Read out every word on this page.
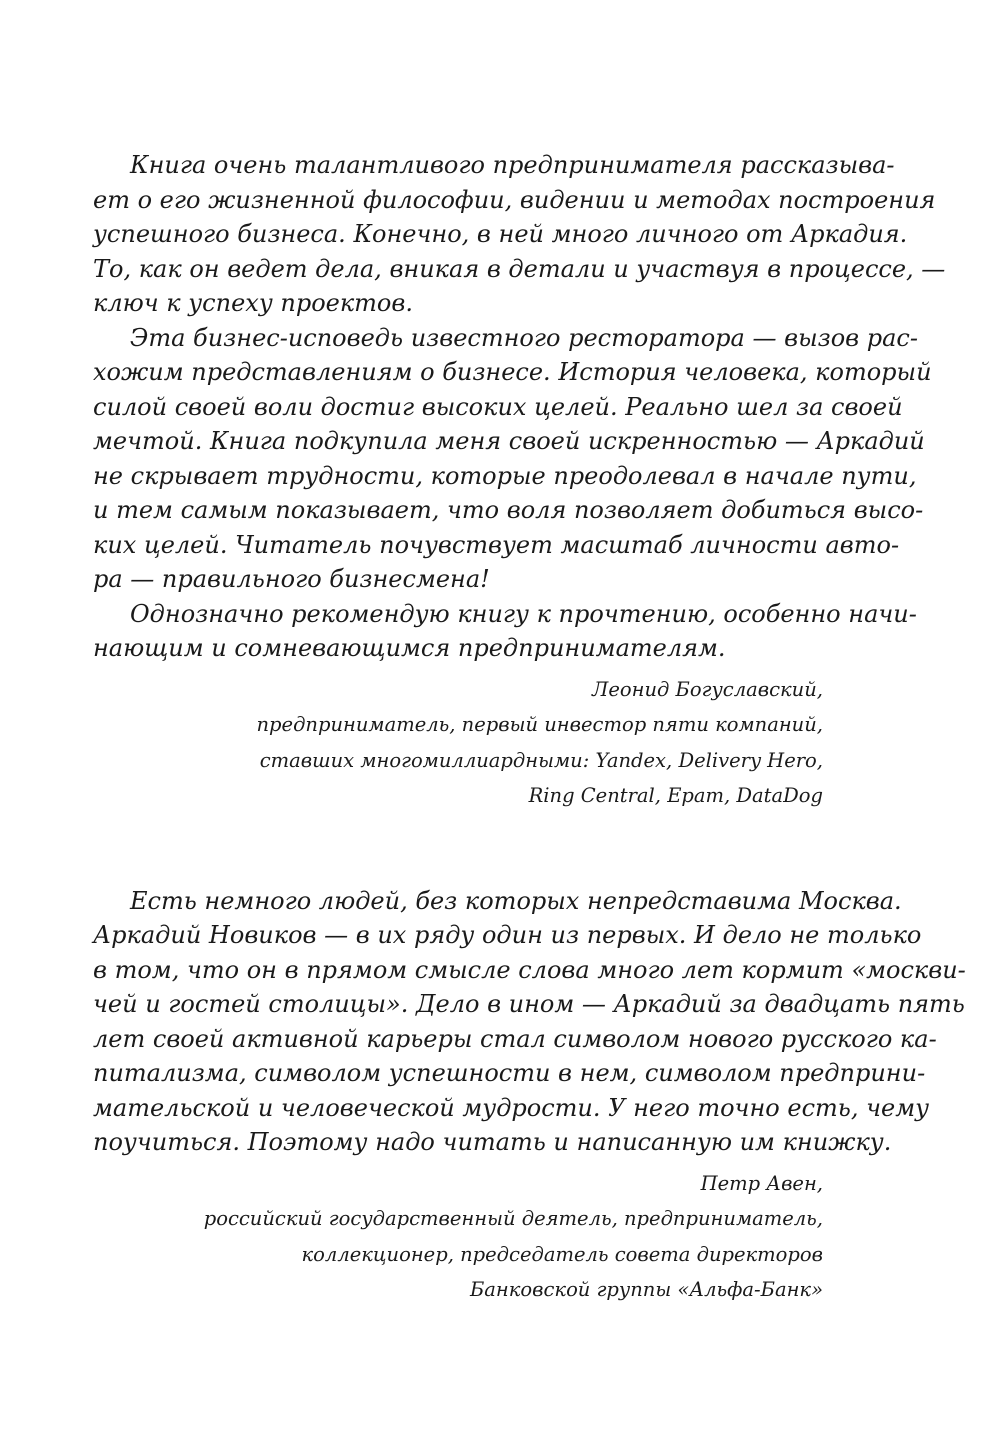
Книга очень талантливого предпринимателя рассказыва-
ет о его жизненной философии, видении и методах построения
успешного бизнеса. Конечно, в ней много личного от Аркадия.
То, как он ведет дела, вникая в детали и участвуя в процессе, —
ключ к успеху проектов.
Эта бизнес-исповедь известного ресторатора — вызов рас-
хожим представлениям о бизнесе. История человека, который
силой своей воли достиг высоких целей. Реально шел за своей
мечтой. Книга подкупила меня своей искренностью — Аркадий
не скрывает трудности, которые преодолевал в начале пути,
и тем самым показывает, что воля позволяет добиться высо-
ких целей. Читатель почувствует масштаб личности авто-
ра — правильного бизнесмена!
Однозначно рекомендую книгу к прочтению, особенно начи-
нающим и сомневающимся предпринимателям.
Леонид Богуславский,
предприниматель, первый инвестор пяти компаний,
ставших многомиллиардными: Yandex, Delivery Hero,
Ring Central, Epam, DataDog
Есть немного людей, без которых непредставима Москва.
Аркадий Новиков — в их ряду один из первых. И дело не только
в том, что он в прямом смысле слова много лет кормит «москви-
чей и гостей столицы». Дело в ином — Аркадий за двадцать пять
лет своей активной карьеры стал символом нового русского ка-
питализма, символом успешности в нем, символом предприни-
мательской и человеческой мудрости. У него точно есть, чему
поучиться. Поэтому надо читать и написанную им книжку.
Петр Авен,
российский государственный деятель, предприниматель,
коллекционер, председатель совета директоров
Банковской группы «Альфа-Банк»
